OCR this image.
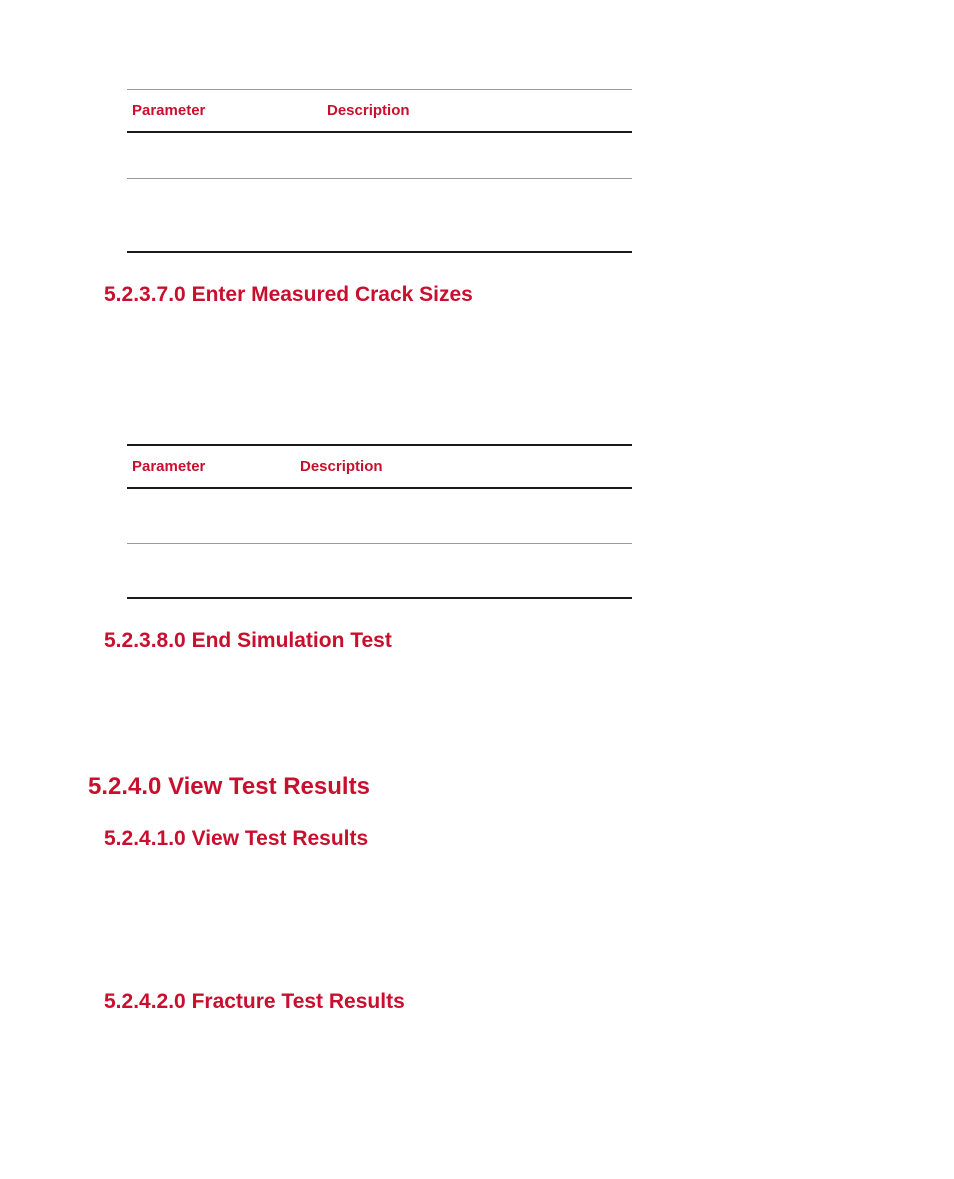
Parameter	Description
5.2.3.7.0 Enter Measured Crack Sizes
Parameter	Description
5.2.3.8.0 End Simulation Test
5.2.4.0 View Test Results
5.2.4.1.0 View Test Results
5.2.4.2.0 Fracture Test Results
